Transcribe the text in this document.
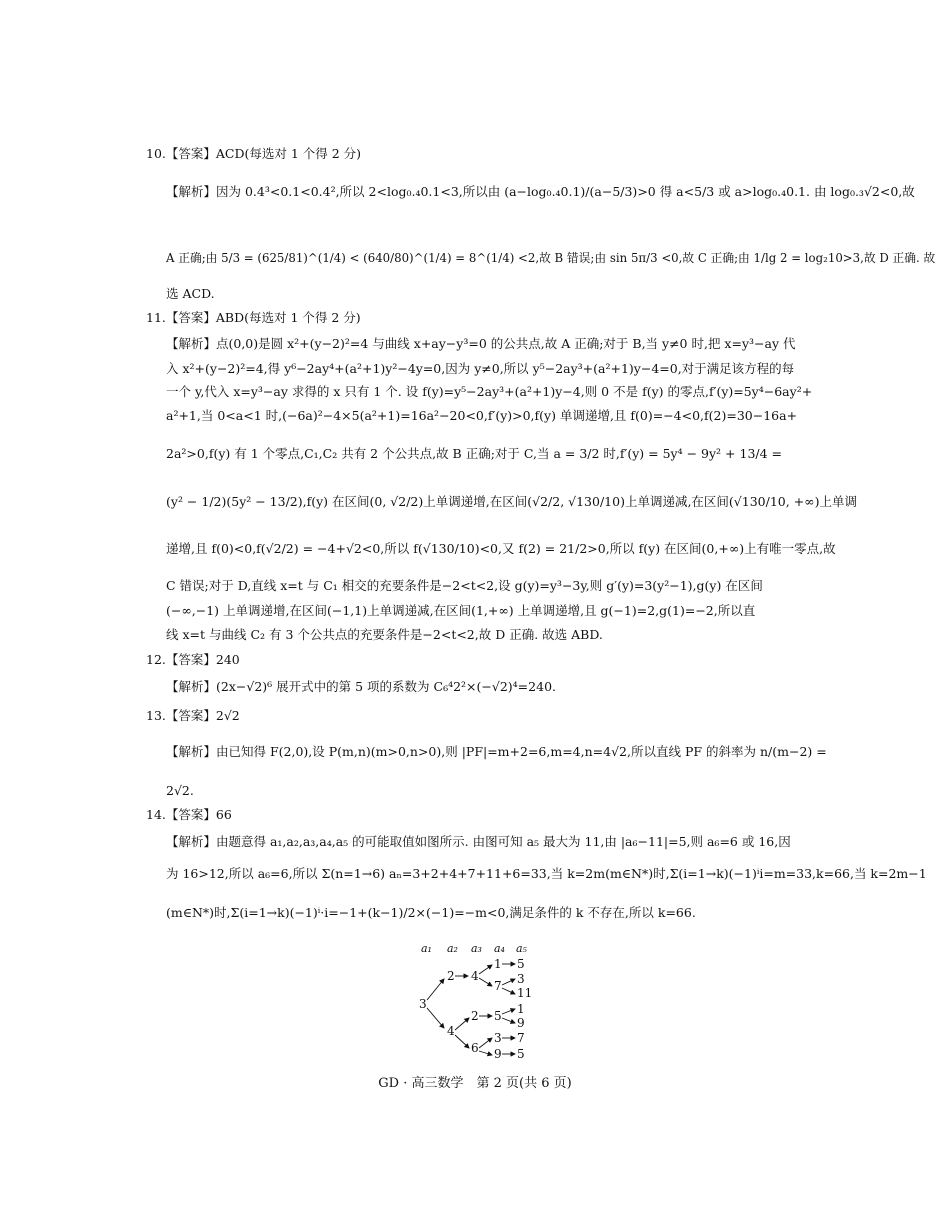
10.【答案】ACD(每选对 1 个得 2 分)
【解析】因为 0.4³<0.1<0.4²,所以 2<log₀.₄0.1<3,所以由 (a−log₀.₄0.1)/(a−5/3)>0 得 a<5/3 或 a>log₀.₄0.1. 由 log₀.₃√2<0,故
A 正确;由 5/3 = (625/81)^(1/4) < (640/80)^(1/4) = 8^(1/4) <2,故 B 错误;由 sin 5π/3 <0,故 C 正确;由 1/lg 2 = log₂10>3,故 D 正确. 故
选 ACD.
11.【答案】ABD(每选对 1 个得 2 分)
【解析】点(0,0)是圆 x²+(y−2)²=4 与曲线 x+ay−y³=0 的公共点,故 A 正确;对于 B,当 y≠0 时,把 x=y³−ay 代
入 x²+(y−2)²=4,得 y⁶−2ay⁴+(a²+1)y²−4y=0,因为 y≠0,所以 y⁵−2ay³+(a²+1)y−4=0,对于满足该方程的每
一个 y,代入 x=y³−ay 求得的 x 只有 1 个. 设 f(y)=y⁵−2ay³+(a²+1)y−4,则 0 不是 f(y) 的零点,f′(y)=5y⁴−6ay²+
a²+1,当 0<a<1 时,(−6a)²−4×5(a²+1)=16a²−20<0,f′(y)>0,f(y) 单调递增,且 f(0)=−4<0,f(2)=30−16a+
2a²>0,f(y) 有 1 个零点,C₁,C₂ 共有 2 个公共点,故 B 正确;对于 C,当 a = 3/2 时,f′(y) = 5y⁴ − 9y² + 13/4 =
(y² − 1/2)(5y² − 13/2),f(y) 在区间(0, √2/2)上单调递增,在区间(√2/2, √130/10)上单调递减,在区间(√130/10, +∞)上单调
递增,且 f(0)<0,f(√2/2) = −4+√2<0,所以 f(√130/10)<0,又 f(2) = 21/2>0,所以 f(y) 在区间(0,+∞)上有唯一零点,故
C 错误;对于 D,直线 x=t 与 C₁ 相交的充要条件是−2<t<2,设 g(y)=y³−3y,则 g′(y)=3(y²−1),g(y) 在区间
(−∞,−1) 上单调递增,在区间(−1,1)上单调递减,在区间(1,+∞) 上单调递增,且 g(−1)=2,g(1)=−2,所以直
线 x=t 与曲线 C₂ 有 3 个公共点的充要条件是−2<t<2,故 D 正确. 故选 ABD.
12.【答案】240
【解析】(2x−√2)⁶ 展开式中的第 5 项的系数为 C₆⁴2²×(−√2)⁴=240.
13.【答案】2√2
【解析】由已知得 F(2,0),设 P(m,n)(m>0,n>0),则 |PF|=m+2=6,m=4,n=4√2,所以直线 PF 的斜率为 n/(m−2) =
2√2.
14.【答案】66
【解析】由题意得 a₁,a₂,a₃,a₄,a₅ 的可能取值如图所示. 由图可知 a₅ 最大为 11,由 |a₆−11|=5,则 a₆=6 或 16,因
为 16>12,所以 a₆=6,所以 Σ(n=1→6) aₙ=3+2+4+7+11+6=33,当 k=2m(m∈N*)时,Σ(i=1→k)(−1)ⁱi=m=33,k=66,当 k=2m−1
(m∈N*)时,Σ(i=1→k)(−1)ⁱ·i=−1+(k−1)/2×(−1)=−m<0,满足条件的 k 不存在,所以 k=66.
a₁ a₂ a₃ a₄ a₅
3
2
4
4
2
6
1
7
5
3
9
5
3
11
1
9
7
5
GD · 高三数学　第 2 页(共 6 页)
